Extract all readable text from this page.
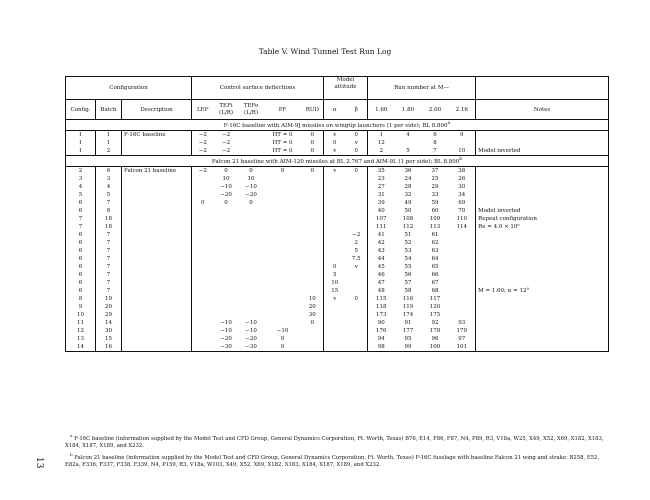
Table V. Wind Tunnel Test Run Log
Configuration			Control surface deflections					Model attitude		Run number at M—				

Config.	Batch	Description	LEF	TEFi (L/R)	TEFo (L/R)	PF	RUD	α	β	1.60	1.80	2.00	2.16	Notes
F-16C baseline with AIM-9J missiles on wingtip launchers (1 per side); BL 8.800$^a$
1	1	F-16C baseline	−2	−2		HT = 0	0	v	0	1	4	6	9	
1	1		−2	−2		HT = 0	0	0	v	12		8		
1	2		−2	−2		HT = 0	0	v	0	2	5	7	10	Model inverted
Falcon 21 baseline with AIM-120 missiles at BL 2.767 and AIM-9L (1 per side); BL 8.800$^b$
2	6	Falcon 21 baseline	−2	0	0	0	0	v	0	35	36	37	38	
3	3			10	10					23	24	25	26	
4	4			−10	−10					27	28	29	30	
5	5			−20	−20					31	32	33	34	
6	7		0	0	0					39	49	59	69	
6	8									40	50	60	70	Model inverted
7	18									107	108	109	110	Repeat configuration
7	18									111	112	113	114	Re = 4.0 × 10⁶
6	7								−2	41	51	61		
6	7								2	42	52	62		
6	7								5	43	53	63		
6	7								7.5	44	54	64		
6	7							0	v	45	55	65		
6	7							5		46	56	66		
6	7							10		47	57	67		
6	7							15		48	58	68		M = 1.60; α = 12°
8	19						10	v	0	115	116	117		
9	20						20			118	119	120		
10	29						30			173	174	175		
11	14			−10	−10		0			90	91	92	93	
12	30			−10	−10	−10				176	177	178	179	
13	15			−20	−20	0				94	95	96	97	
14	16			−30	−30	0				98	99	100	101	
$^a$ F-16C baseline (information supplied by the Model Test and CFD Group, General Dynamics Corporation, Ft. Worth, Texas) B76, E14, F86, F87, N4, P89, R3, V18a, W25, X49, X52, X69, X182, X183, X184, X187, X189, and X232.
$^b$ Falcon 21 baseline (information supplied by the Model Test and CFD Group, General Dynamics Corporation, Ft. Worth, Texas) F-16C fuselage with baseline Falcon 21 wing and strake: B258, E52, E82a, F336, F337, F338, F339, N4, P159, R3, V18a, W103, X49, X52, X69, X182, X183, X184, X187, X189, and X232.
13
